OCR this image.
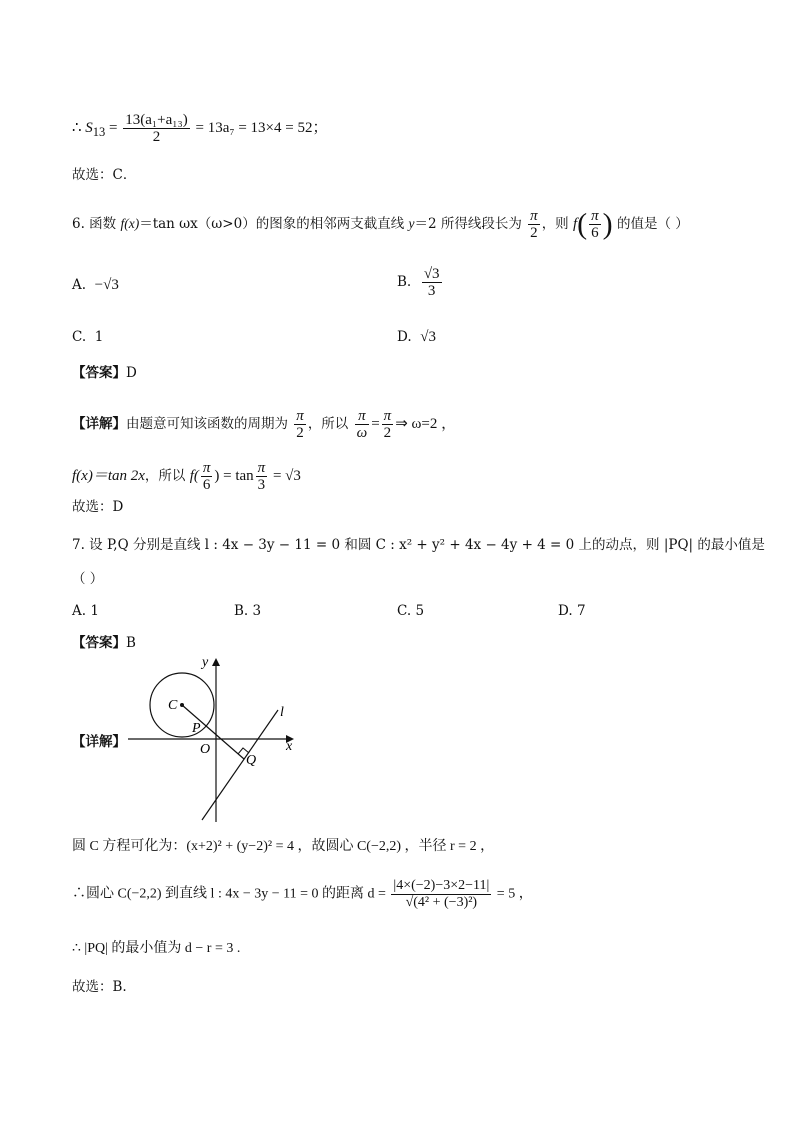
∴ $S_{13} = \frac{\text{13(a₁+a₁₃)}}{2} = 13a_7 = 13\times 4 = 52$；
故选：C．
6. 函数 f(x)＝tan ωx（ω>0）的图象的相邻两支截直线 y＝2 所得线段长为 $\frac{\pi}{2}$ ，则 $f( \frac{\pi}{6}$ ) 的值是（ ）
A. −√3	B. $\frac{√3}{3}$
C. 1	D. √3
【答案】D
【详解】由题意可知该函数的周期为 $\frac{\pi}{2}$ ，所以 $\frac{\pi}{\omega} = \frac{\pi}{2}$ ⇒ ω=2 ，
f(x)＝tan 2x，所以 $f( \frac{\pi}{6}$ ) = $\tan \frac{\pi}{3} = √3$
故选：D
7. 设 P,Q 分别是直线 l : 4x − 3y − 11 = 0 和圆 C : x² + y² + 4x − 4y + 4 = 0 上的动点，则 |PQ| 的最小值是
（ ）
A. 1	B. 3	C. 5	D. 7
【答案】B
【详解】
y
x
C
P
O
Q
l
圆 C 方程可化为：(x+2)² + (y−2)² = 4 ，故圆心 C(−2,2) ，半径 r = 2 ，
∴圆心 C(−2,2) 到直线 l : 4x − 3y − 11 = 0 的距离 $d = \frac{|4\times(-2)-3\times 2-11|}{\text{√(4² + (−3)²)}} = 5$ ，
∴ |PQ| 的最小值为 d − r = 3 .
故选：B.
